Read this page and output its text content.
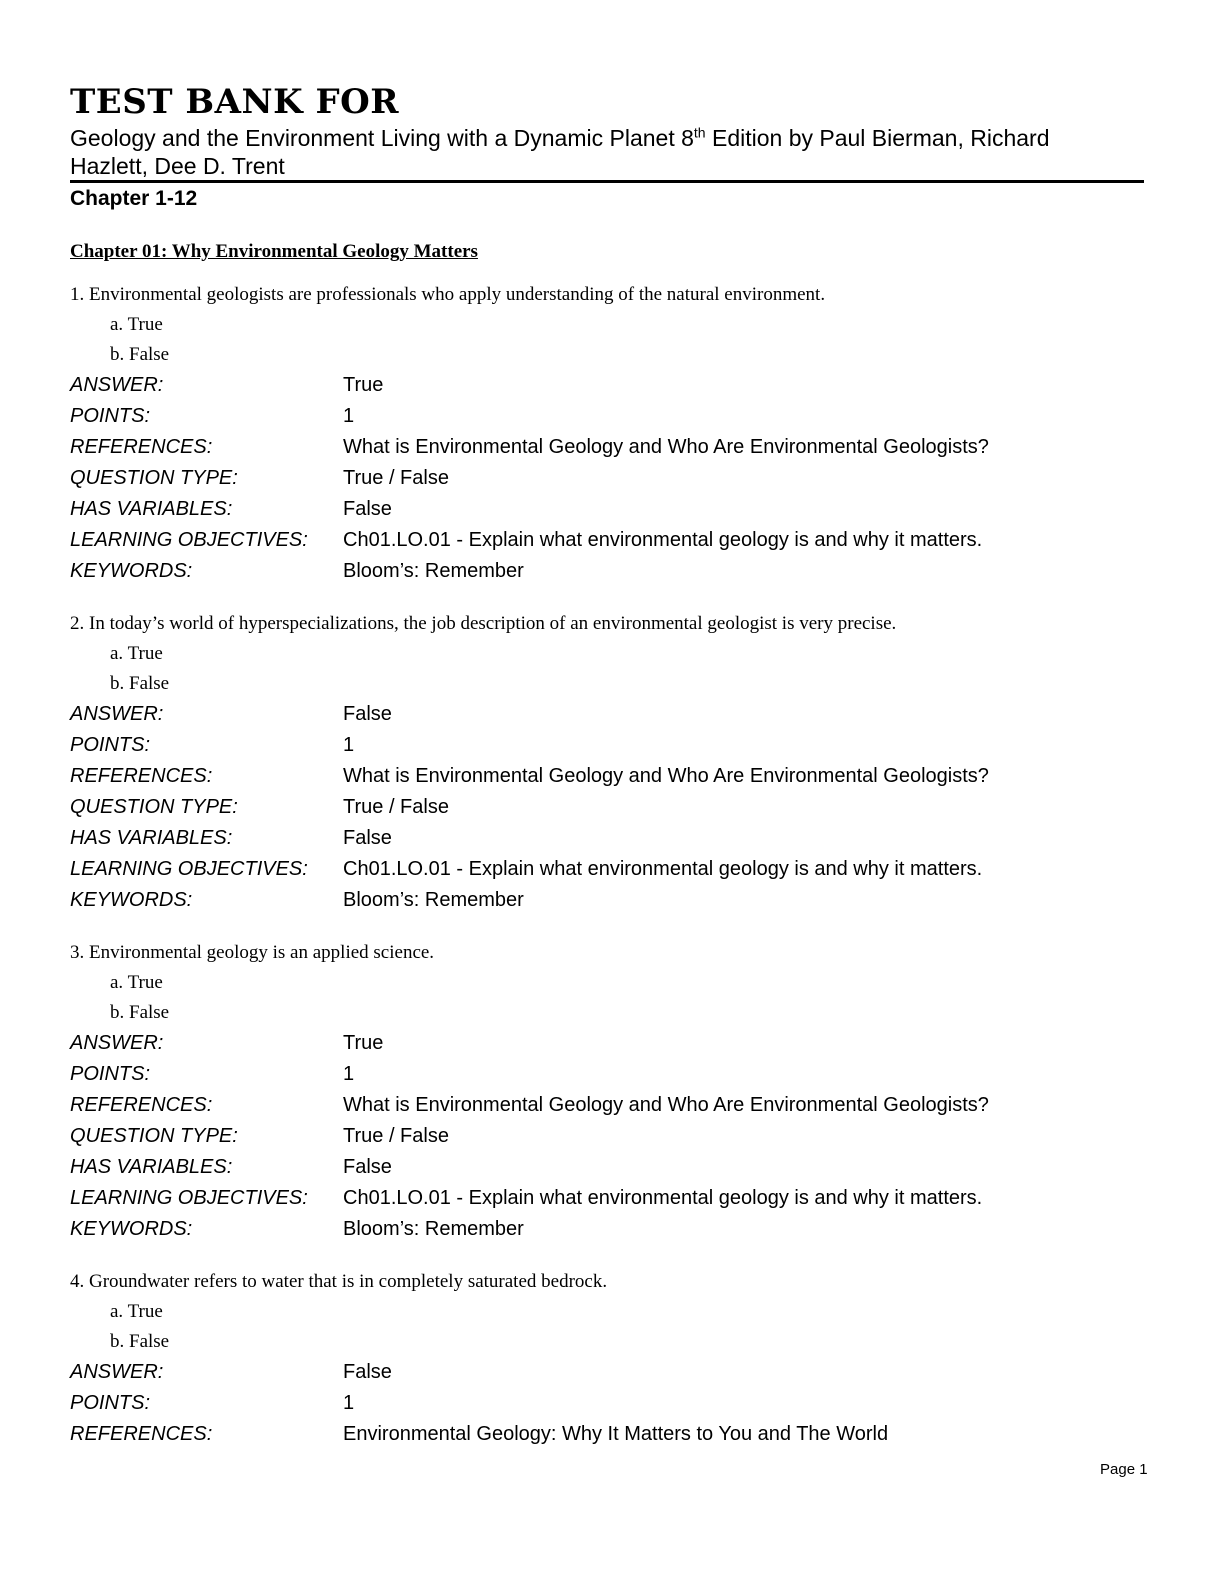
TEST BANK FOR
Geology and the Environment Living with a Dynamic Planet 8th Edition by Paul Bierman, Richard Hazlett, Dee D. Trent
Chapter 1-12
Chapter 01: Why Environmental Geology Matters
1. Environmental geologists are professionals who apply understanding of the natural environment.
a. True
b. False
ANSWER:	True
POINTS:	1
REFERENCES:	What is Environmental Geology and Who Are Environmental Geologists?
QUESTION TYPE:	True / False
HAS VARIABLES:	False
LEARNING OBJECTIVES:	Ch01.LO.01 - Explain what environmental geology is and why it matters.
KEYWORDS:	Bloom’s: Remember
2. In today’s world of hyperspecializations, the job description of an environmental geologist is very precise.
a. True
b. False
ANSWER:	False
POINTS:	1
REFERENCES:	What is Environmental Geology and Who Are Environmental Geologists?
QUESTION TYPE:	True / False
HAS VARIABLES:	False
LEARNING OBJECTIVES:	Ch01.LO.01 - Explain what environmental geology is and why it matters.
KEYWORDS:	Bloom’s: Remember
3. Environmental geology is an applied science.
a. True
b. False
ANSWER:	True
POINTS:	1
REFERENCES:	What is Environmental Geology and Who Are Environmental Geologists?
QUESTION TYPE:	True / False
HAS VARIABLES:	False
LEARNING OBJECTIVES:	Ch01.LO.01 - Explain what environmental geology is and why it matters.
KEYWORDS:	Bloom’s: Remember
4. Groundwater refers to water that is in completely saturated bedrock.
a. True
b. False
ANSWER:	False
POINTS:	1
REFERENCES:	Environmental Geology: Why It Matters to You and The World
Page 1
